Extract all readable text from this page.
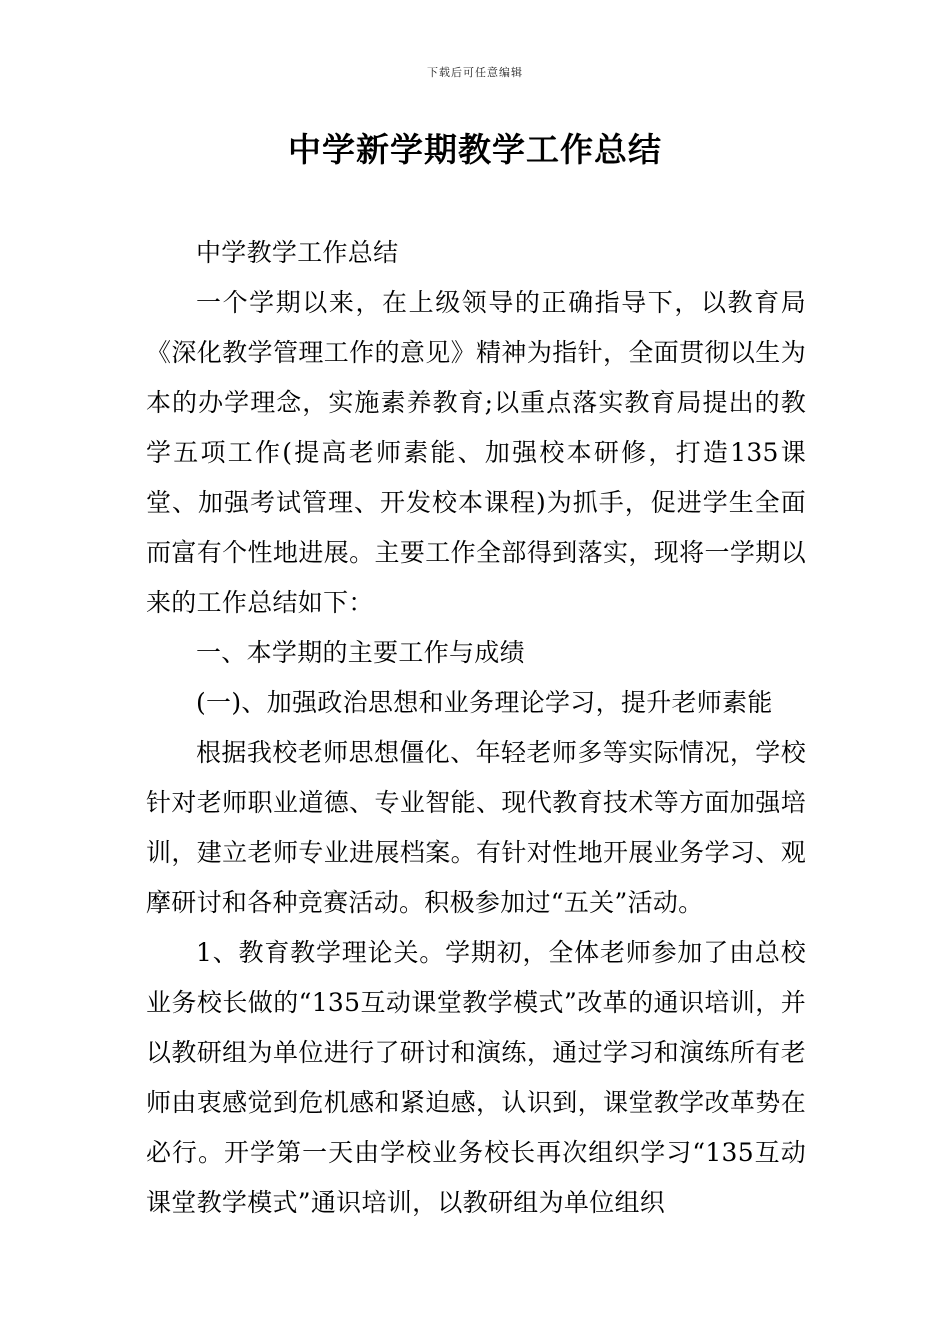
下载后可任意编辑
中学新学期教学工作总结

中学教学工作总结

一个学期以来，在上级领导的正确指导下，以教育局《深化教学管理工作的意见》精神为指针，全面贯彻以生为本的办学理念，实施素养教育;以重点落实教育局提出的教学五项工作(提高老师素能、加强校本研修，打造135课堂、加强考试管理、开发校本课程)为抓手，促进学生全面而富有个性地进展。主要工作全部得到落实，现将一学期以来的工作总结如下：

一、本学期的主要工作与成绩

(一)、加强政治思想和业务理论学习，提升老师素能

根据我校老师思想僵化、年轻老师多等实际情况，学校针对老师职业道德、专业智能、现代教育技术等方面加强培训，建立老师专业进展档案。有针对性地开展业务学习、观摩研讨和各种竞赛活动。积极参加过“五关”活动。

1、教育教学理论关。学期初，全体老师参加了由总校业务校长做的“135互动课堂教学模式”改革的通识培训，并以教研组为单位进行了研讨和演练，通过学习和演练所有老师由衷感觉到危机感和紧迫感，认识到，课堂教学改革势在必行。开学第一天由学校业务校长再次组织学习“135互动课堂教学模式”通识培训，以教研组为单位组织
